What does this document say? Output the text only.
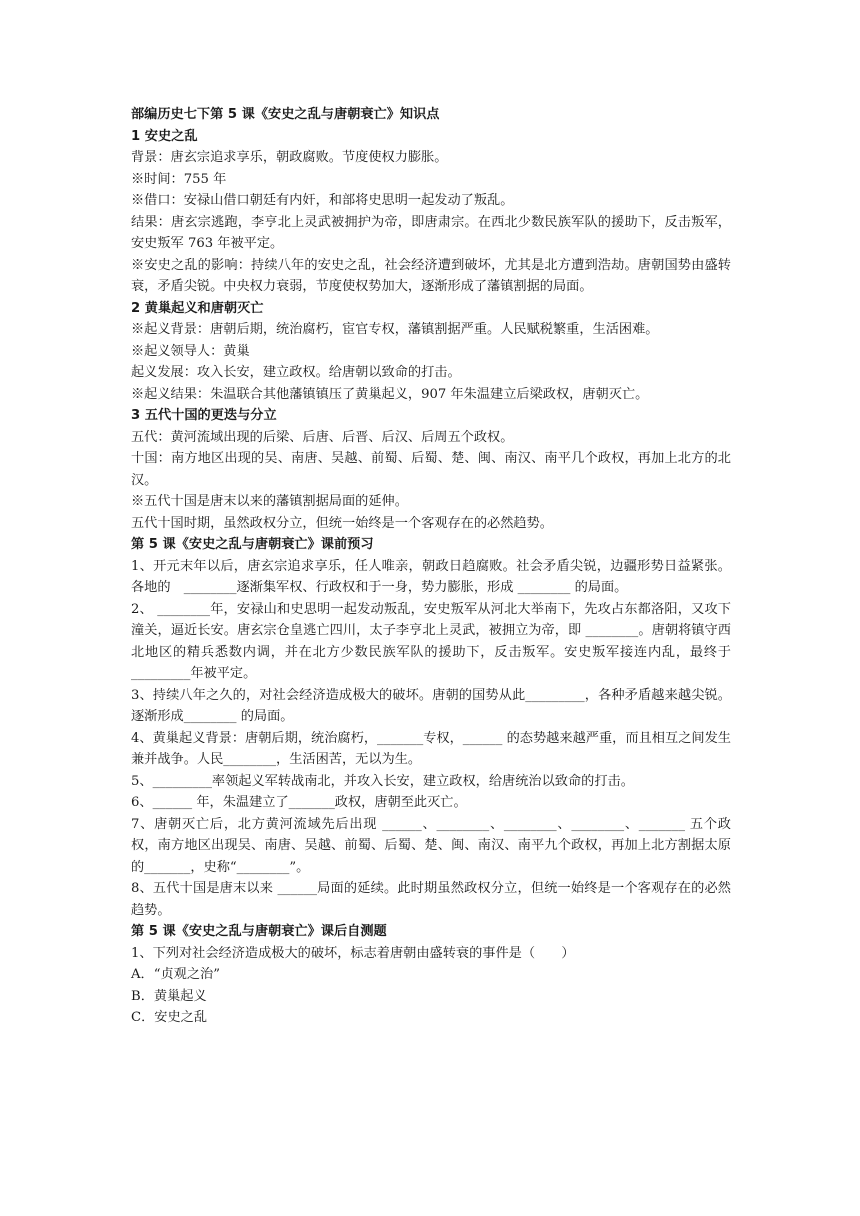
部编历史七下第 5 课《安史之乱与唐朝衰亡》知识点
1 安史之乱
背景：唐玄宗追求享乐，朝政腐败。节度使权力膨胀。
※时间：755 年
※借口：安禄山借口朝廷有内奸，和部将史思明一起发动了叛乱。
结果：唐玄宗逃跑，李亨北上灵武被拥护为帝，即唐肃宗。在西北少数民族军队的援助下，反击叛军，安史叛军 763 年被平定。
※安史之乱的影响：持续八年的安史之乱，社会经济遭到破坏，尤其是北方遭到浩劫。唐朝国势由盛转衰，矛盾尖锐。中央权力衰弱，节度使权势加大，逐渐形成了藩镇割据的局面。
2 黄巢起义和唐朝灭亡
※起义背景：唐朝后期，统治腐朽，宦官专权，藩镇割据严重。人民赋税繁重，生活困难。
※起义领导人：黄巢
起义发展：攻入长安，建立政权。给唐朝以致命的打击。
※起义结果：朱温联合其他藩镇镇压了黄巢起义，907 年朱温建立后梁政权，唐朝灭亡。
3 五代十国的更迭与分立
五代：黄河流域出现的后梁、后唐、后晋、后汉、后周五个政权。
十国：南方地区出现的吴、南唐、吴越、前蜀、后蜀、楚、闽、南汉、南平几个政权，再加上北方的北汉。
※五代十国是唐末以来的藩镇割据局面的延伸。
五代十国时期，虽然政权分立，但统一始终是一个客观存在的必然趋势。
第 5 课《安史之乱与唐朝衰亡》课前预习
1、开元末年以后，唐玄宗追求享乐，任人唯亲，朝政日趋腐败。社会矛盾尖锐，边疆形势日益紧张。各地的　________逐渐集军权、行政权和于一身，势力膨胀，形成 ________ 的局面。
2、 ________年，安禄山和史思明一起发动叛乱，安史叛军从河北大举南下，先攻占东都洛阳，又攻下潼关，逼近长安。唐玄宗仓皇逃亡四川，太子李亨北上灵武，被拥立为帝，即 ________。唐朝将镇守西北地区的精兵悉数内调，并在北方少数民族军队的援助下，反击叛军。安史叛军接连内乱，最终于_________年被平定。
3、持续八年之久的，对社会经济造成极大的破坏。唐朝的国势从此_________，各种矛盾越来越尖锐。逐渐形成________ 的局面。
4、黄巢起义背景：唐朝后期，统治腐朽，_______专权，______ 的态势越来越严重，而且相互之间发生兼并战争。人民________，生活困苦，无以为生。
5、_________率领起义军转战南北，并攻入长安，建立政权，给唐统治以致命的打击。
6、______ 年，朱温建立了_______政权，唐朝至此灭亡。
7、唐朝灭亡后，北方黄河流域先后出现 ______、________、________、________、_______ 五个政权，南方地区出现吴、南唐、吴越、前蜀、后蜀、楚、闽、南汉、南平九个政权，再加上北方割据太原的_______，史称“________”。
8、五代十国是唐末以来 ______局面的延续。此时期虽然政权分立，但统一始终是一个客观存在的必然趋势。
第 5 课《安史之乱与唐朝衰亡》课后自测题
1、下列对社会经济造成极大的破坏，标志着唐朝由盛转衰的事件是（　　）
A．“贞观之治”
B．黄巢起义
C．安史之乱
